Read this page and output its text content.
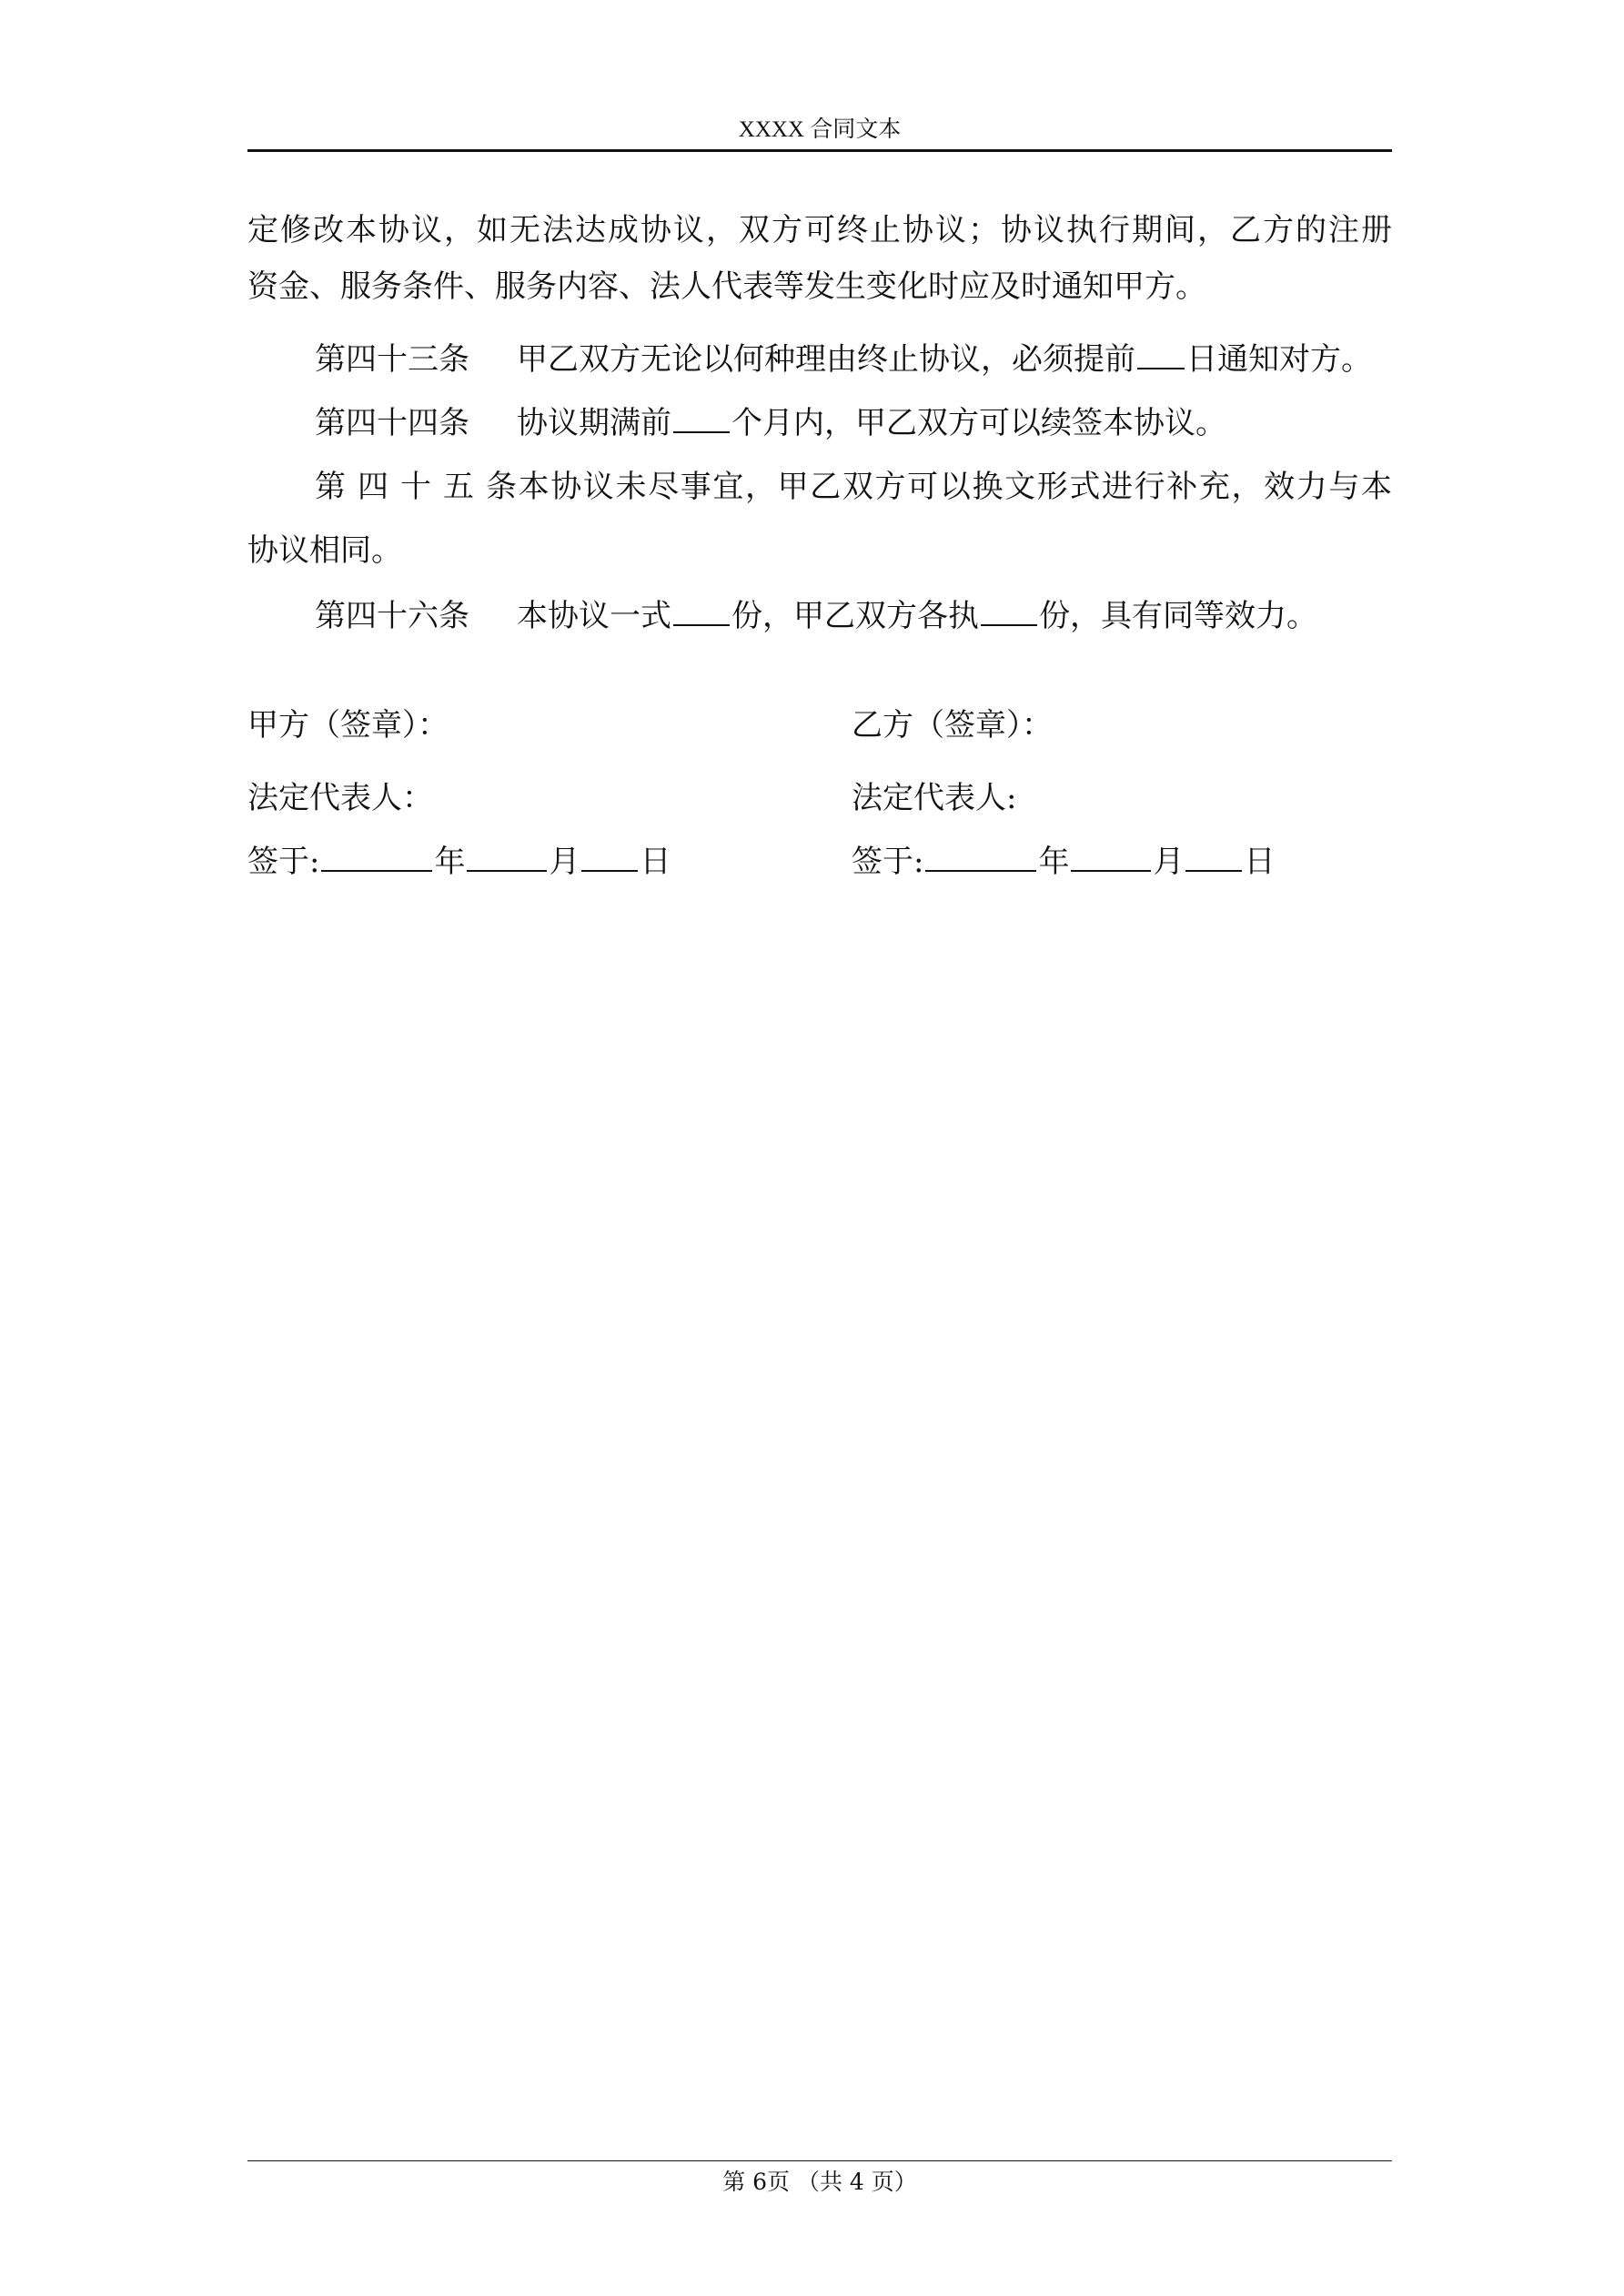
XXXX 合同文本
定修改本协议，如无法达成协议，双方可终止协议；协议执行期间，乙方的注册
资金、服务条件、服务内容、法人代表等发生变化时应及时通知甲方。
第四十三条 甲乙双方无论以何种理由终止协议，必须提前 日通知对方。
第四十四条 协议期满前 个月内，甲乙双方可以续签本协议。
第四十五条本协议未尽事宜，甲乙双方可以换文形式进行补充，效力与本
协议相同。
第四十六条 本协议一式 份，甲乙双方各执 份，具有同等效力。
甲方（签章）：
法定代表人：
签于:	年	月 日
乙方（签章）：
法定代表人:
签于:	年	月 日
第 6页 （共 4 页）
